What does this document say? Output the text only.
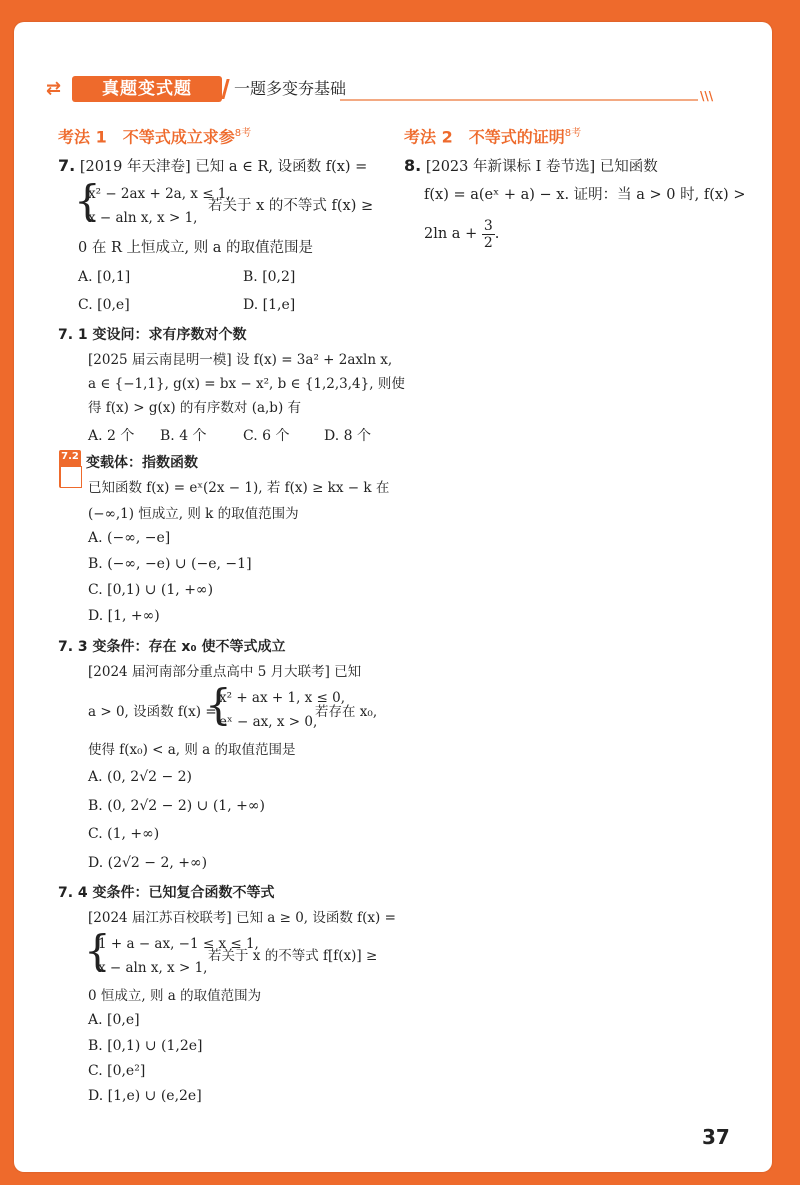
⇄	真题变式题	一题多变夯基础	\\\
考法 1　不等式成立求参$^{8考}$
7. [2019 年天津卷] 已知 a ∈ R, 设函数 f(x) =
{
x² − 2ax + 2a, x ≤ 1,
x − aln x, x > 1,
若关于 x 的不等式 f(x) ≥
0 在 R 上恒成立, 则 a 的取值范围是
A. [0,1]	B. [0,2]
C. [0,e]	D. [1,e]
7. 1 变设问：求有序数对个数
[2025 届云南昆明一模] 设 f(x) = 3a² + 2axln x,
a ∈ {−1,1}, g(x) = bx − x², b ∈ {1,2,3,4}, 则使
得 f(x) > g(x) 的有序数对 (a,b) 有
A. 2 个 B. 4 个	C. 6 个 D. 8 个
7.2 变载体：指数函数
已知函数 f(x) = eˣ(2x − 1), 若 f(x) ≥ kx − k 在
(−∞,1) 恒成立, 则 k 的取值范围为
A. (−∞, −e]
B. (−∞, −e) ∪ (−e, −1]
C. [0,1) ∪ (1, +∞)
D. [1, +∞)
7. 3 变条件：存在 x₀ 使不等式成立
[2024 届河南部分重点高中 5 月大联考] 已知
a > 0, 设函数 f(x) =
{
x² + ax + 1, x ≤ 0,
eˣ − ax, x > 0,
若存在 x₀,
使得 f(x₀) < a, 则 a 的取值范围是
A. (0, 2√2 − 2)
B. (0, 2√2 − 2) ∪ (1, +∞)
C. (1, +∞)
D. (2√2 − 2, +∞)
7. 4 变条件：已知复合函数不等式
[2024 届江苏百校联考] 已知 a ≥ 0, 设函数 f(x) =
{
1 + a − ax, −1 ≤ x ≤ 1,
x − aln x, x > 1,
若关于 x 的不等式 f[f(x)] ≥
0 恒成立, 则 a 的取值范围为
A. [0,e]
B. [0,1) ∪ (1,2e]
C. [0,e²]
D. [1,e) ∪ (e,2e]
考法 2　不等式的证明$^{8考}$
8. [2023 年新课标 Ⅰ 卷节选] 已知函数
f(x) = a(eˣ + a) − x. 证明：当 a > 0 时, f(x) >
2ln $a + \frac{3}{2}$ .
37
